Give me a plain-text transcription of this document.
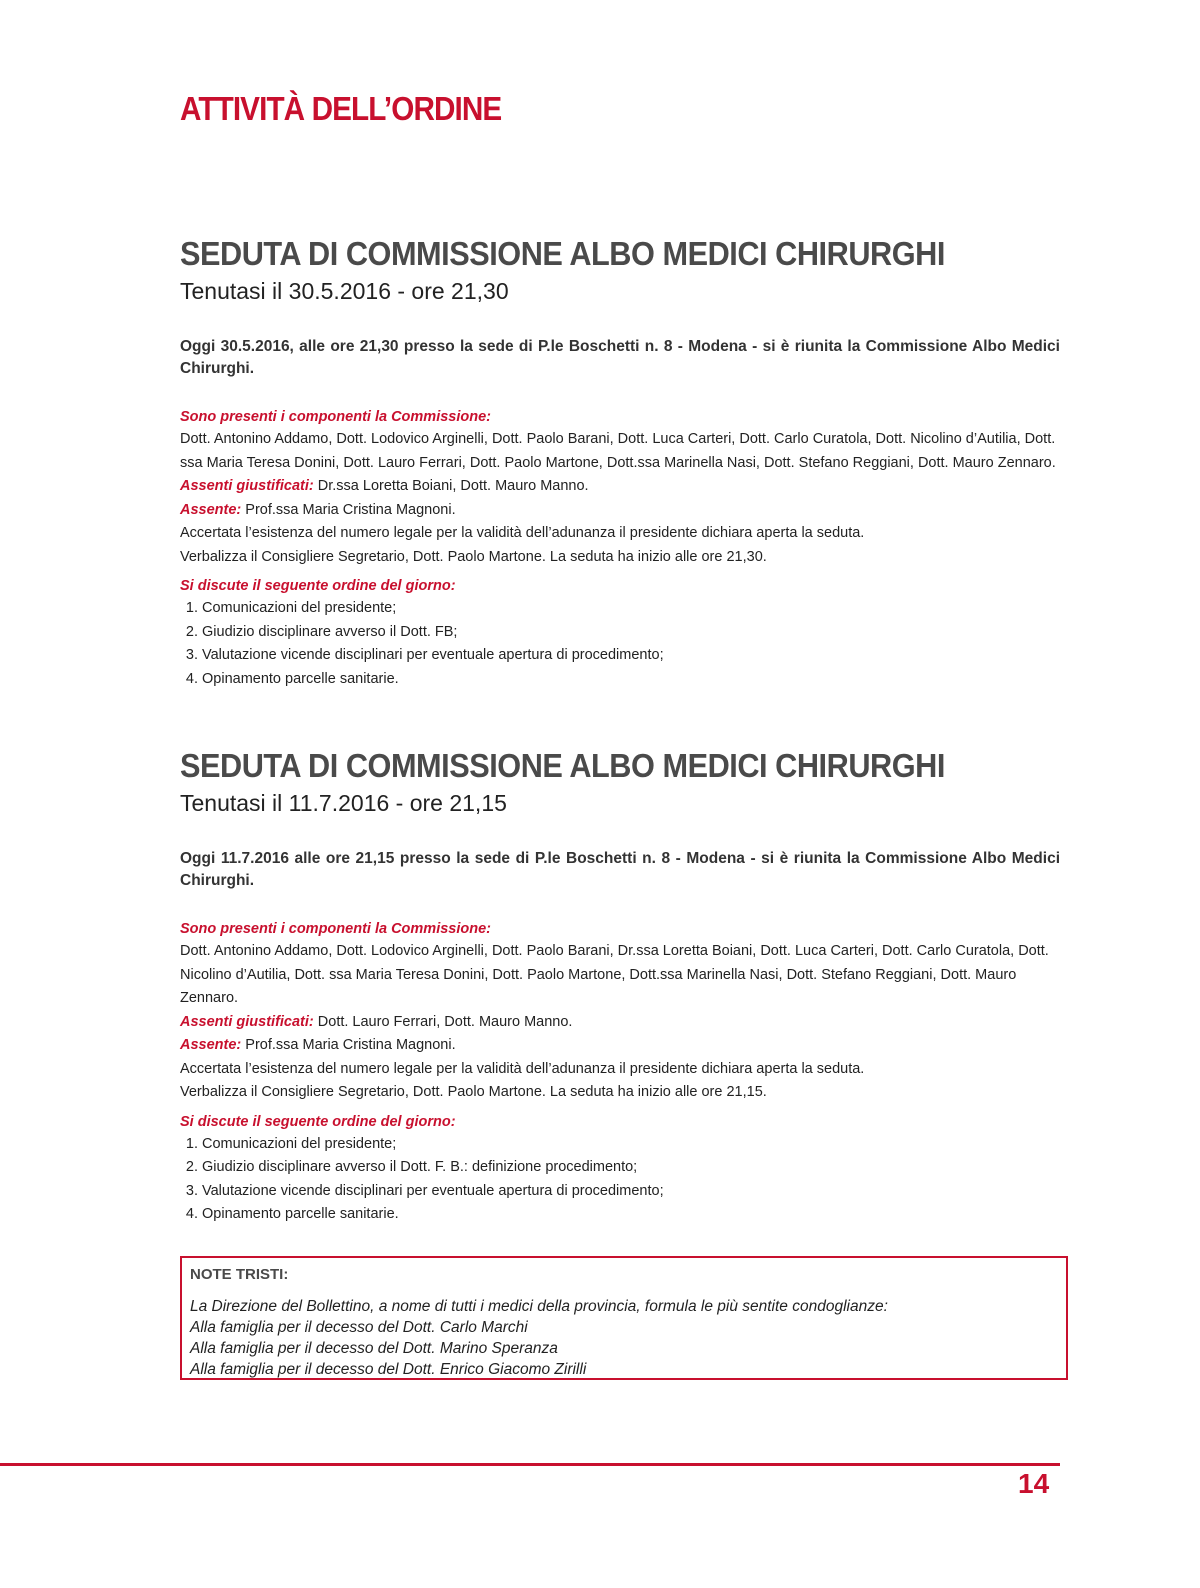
ATTIVITÀ DELL’ORDINE
SEDUTA DI COMMISSIONE ALBO MEDICI CHIRURGHI
Tenutasi il 30.5.2016 - ore 21,30
Oggi 30.5.2016, alle ore 21,30 presso la sede di P.le Boschetti n. 8 - Modena - si è riunita la Commissione Albo Medici Chirurghi.
Sono presenti i componenti la Commissione:
Dott. Antonino Addamo, Dott. Lodovico Arginelli, Dott. Paolo Barani, Dott. Luca Carteri, Dott. Carlo Curatola, Dott. Nicolino d’Autilia, Dott. ssa Maria Teresa Donini, Dott. Lauro Ferrari, Dott. Paolo Martone, Dott.ssa Marinella Nasi, Dott. Stefano Reggiani, Dott. Mauro Zennaro.
Assenti giustificati: Dr.ssa Loretta Boiani, Dott. Mauro Manno.
Assente: Prof.ssa Maria Cristina Magnoni.
Accertata l’esistenza del numero legale per la validità dell’adunanza il presidente dichiara aperta la seduta.
Verbalizza il Consigliere Segretario, Dott. Paolo Martone. La seduta ha inizio alle ore 21,30.
Si discute il seguente ordine del giorno:
1. Comunicazioni del presidente;
2. Giudizio disciplinare avverso il Dott. FB;
3. Valutazione vicende disciplinari per eventuale apertura di procedimento;
4. Opinamento parcelle sanitarie.
SEDUTA DI COMMISSIONE ALBO MEDICI CHIRURGHI
Tenutasi il 11.7.2016 - ore 21,15
Oggi 11.7.2016 alle ore 21,15 presso la sede di P.le Boschetti n. 8 - Modena - si è riunita la Commissione Albo Medici Chirurghi.
Sono presenti i componenti la Commissione:
Dott. Antonino Addamo, Dott. Lodovico Arginelli, Dott. Paolo Barani, Dr.ssa Loretta Boiani, Dott. Luca Carteri, Dott. Carlo Curatola, Dott. Nicolino d’Autilia, Dott. ssa Maria Teresa Donini, Dott. Paolo Martone, Dott.ssa Marinella Nasi, Dott. Stefano Reggiani, Dott. Mauro Zennaro.
Assenti giustificati: Dott. Lauro Ferrari, Dott. Mauro Manno.
Assente: Prof.ssa Maria Cristina Magnoni.
Accertata l’esistenza del numero legale per la validità dell’adunanza il presidente dichiara aperta la seduta.
Verbalizza il Consigliere Segretario, Dott. Paolo Martone. La seduta ha inizio alle ore 21,15.
Si discute il seguente ordine del giorno:
1. Comunicazioni del presidente;
2. Giudizio disciplinare avverso il Dott. F. B.: definizione procedimento;
3. Valutazione vicende disciplinari per eventuale apertura di procedimento;
4. Opinamento parcelle sanitarie.
NOTE TRISTI:
La Direzione del Bollettino, a nome di tutti i medici della provincia, formula le più sentite condoglianze:
Alla famiglia per il decesso del Dott. Carlo Marchi
Alla famiglia per il decesso del Dott. Marino Speranza
Alla famiglia per il decesso del Dott. Enrico Giacomo Zirilli
14
